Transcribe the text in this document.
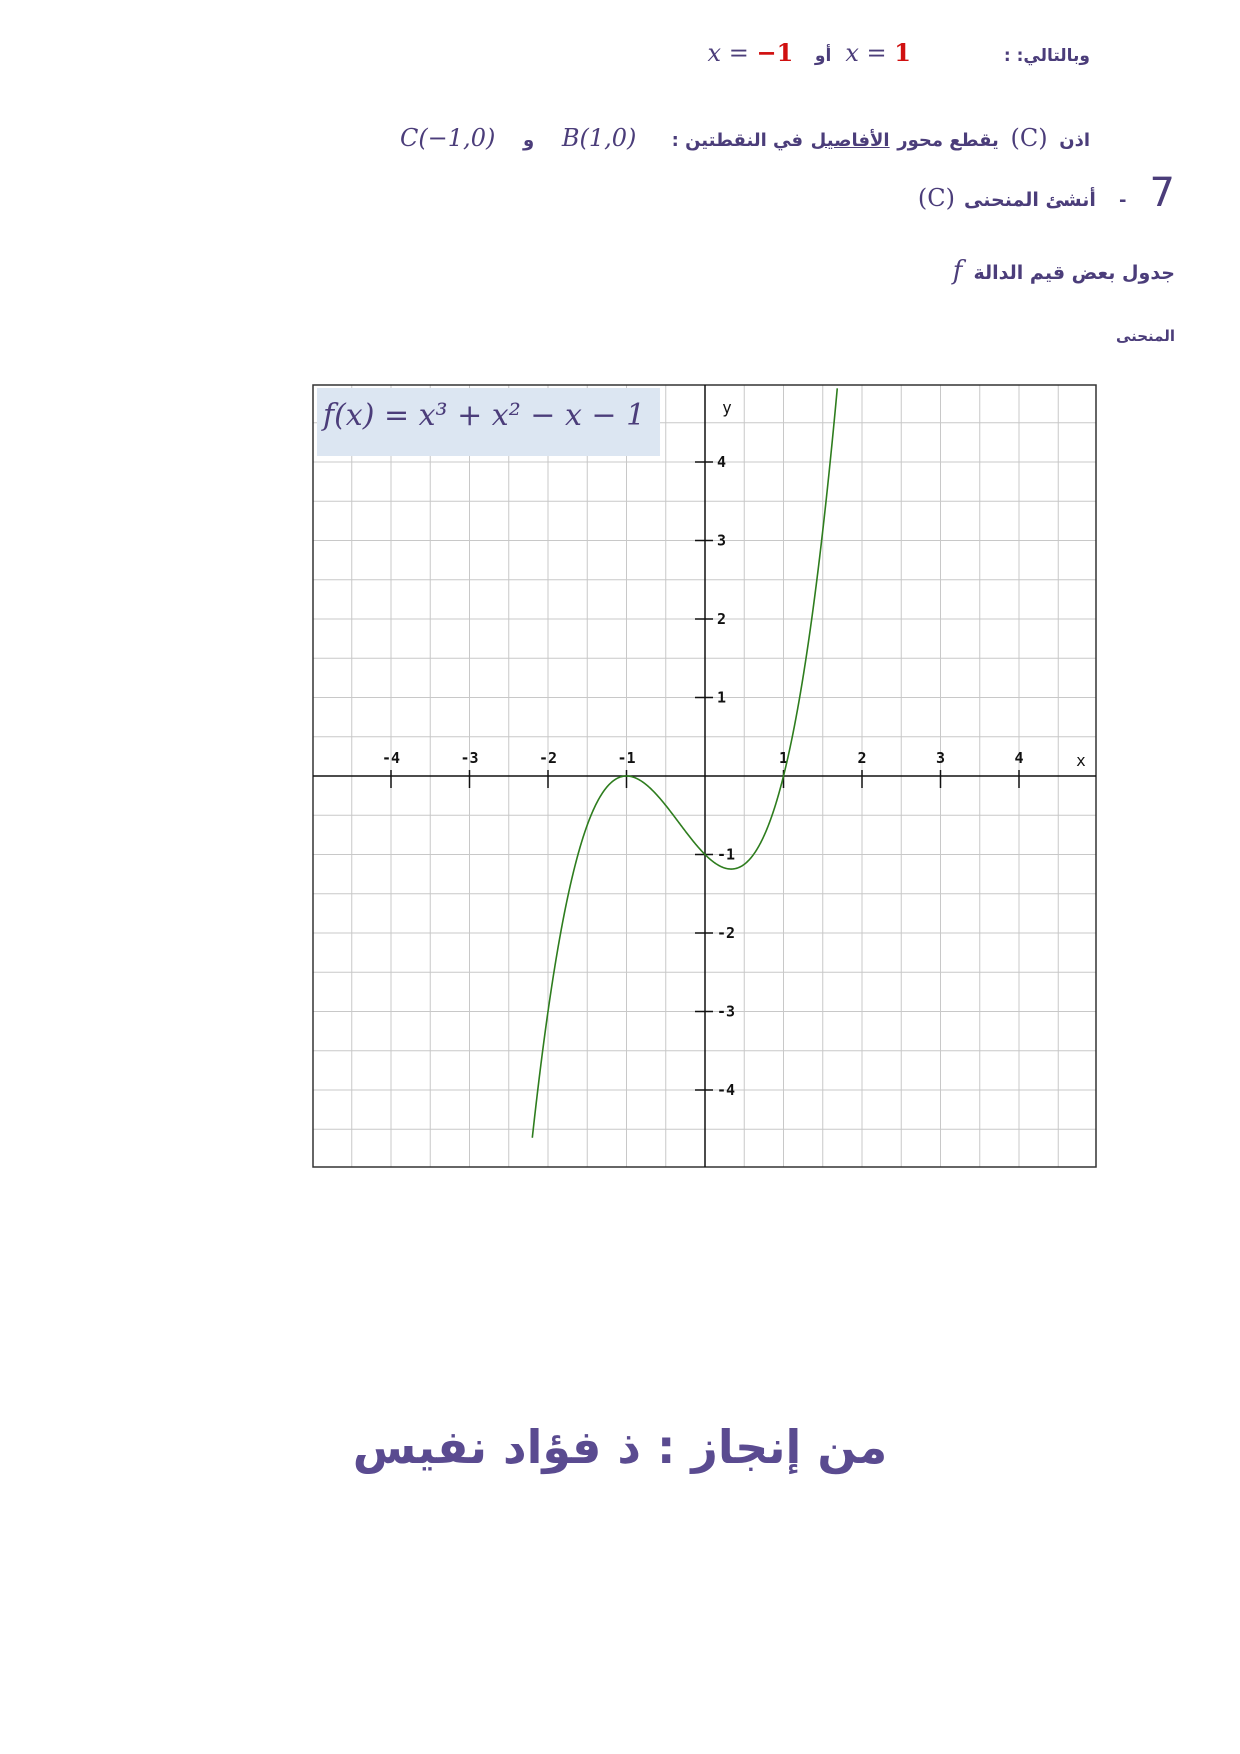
وبالتالي: :  x = 1 أو x = −1
اذن (C) يقطع محور الأفاصيل في النقطتين :  B(1,0) و C(−1,0)
7 - أنشئ المنحنى (C)
جدول بعض قيم الدالة f
المنحنى
f(x) = x³ + x² − x − 1
-4	-3	-2	-1	1	2	3	4
4
3
2
1
-1
-2
-3
-4
x
y
من إنجاز : ذ فؤاد نفيس
